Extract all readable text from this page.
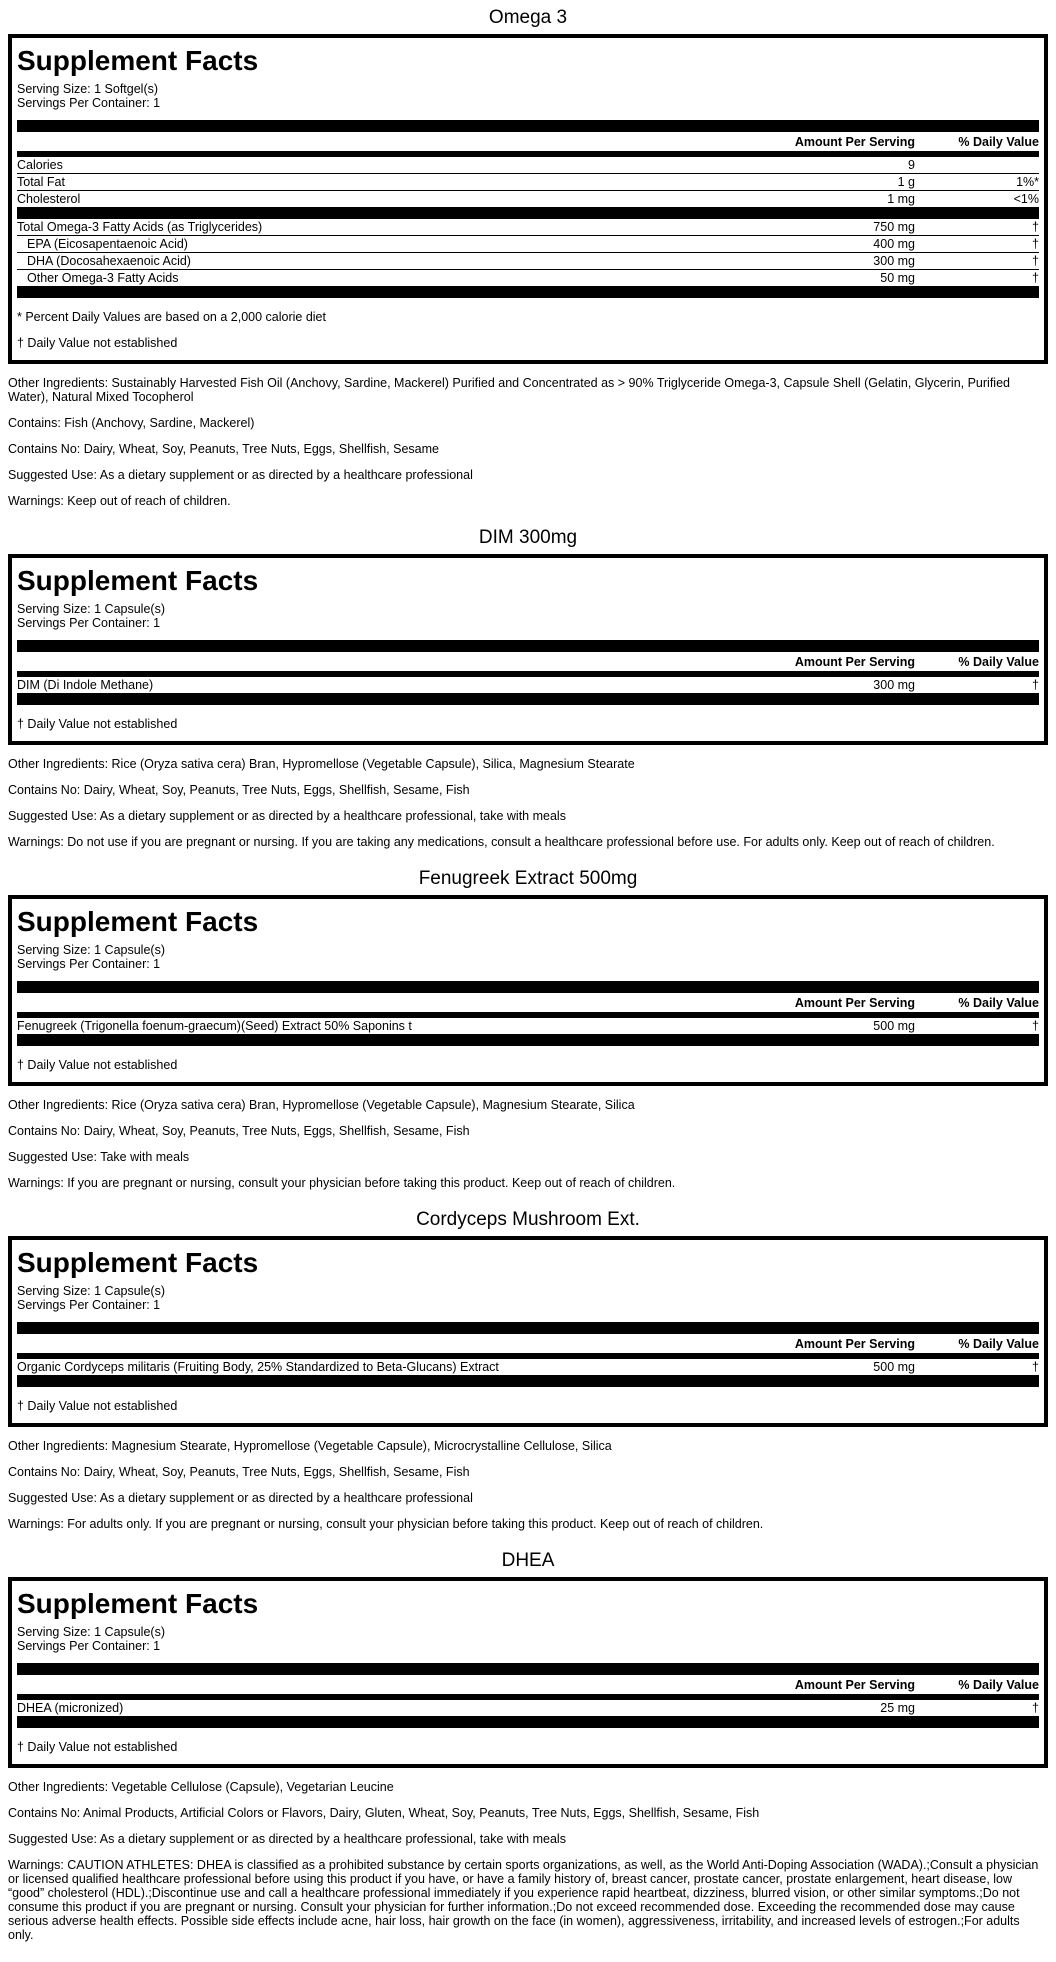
Omega 3
Supplement Facts
Serving Size: 1 Softgel(s)
Servings Per Container: 1
Amount Per Serving	% Daily Value
Calories	9
Total Fat	1 g	1%*
Cholesterol	1 mg	<1%
Total Omega-3 Fatty Acids (as Triglycerides)	750 mg	†
EPA (Eicosapentaenoic Acid)	400 mg	†
DHA (Docosahexaenoic Acid)	300 mg	†
Other Omega-3 Fatty Acids	50 mg	†
* Percent Daily Values are based on a 2,000 calorie diet
† Daily Value not established

Other Ingredients: Sustainably Harvested Fish Oil (Anchovy, Sardine, Mackerel) Purified and Concentrated as > 90% Triglyceride Omega-3, Capsule Shell (Gelatin, Glycerin, Purified Water), Natural Mixed Tocopherol

Contains: Fish (Anchovy, Sardine, Mackerel)

Contains No: Dairy, Wheat, Soy, Peanuts, Tree Nuts, Eggs, Shellfish, Sesame

Suggested Use: As a dietary supplement or as directed by a healthcare professional

Warnings: Keep out of reach of children.

DIM 300mg
Supplement Facts
Serving Size: 1 Capsule(s)
Servings Per Container: 1
Amount Per Serving	% Daily Value
DIM (Di Indole Methane)	300 mg	†
† Daily Value not established

Other Ingredients: Rice (Oryza sativa cera) Bran, Hypromellose (Vegetable Capsule), Silica, Magnesium Stearate

Contains No: Dairy, Wheat, Soy, Peanuts, Tree Nuts, Eggs, Shellfish, Sesame, Fish

Suggested Use: As a dietary supplement or as directed by a healthcare professional, take with meals

Warnings: Do not use if you are pregnant or nursing. If you are taking any medications, consult a healthcare professional before use. For adults only. Keep out of reach of children.

Fenugreek Extract 500mg
Supplement Facts
Serving Size: 1 Capsule(s)
Servings Per Container: 1
Amount Per Serving	% Daily Value
Fenugreek (Trigonella foenum-graecum)(Seed) Extract 50% Saponins t	500 mg	†
† Daily Value not established

Other Ingredients: Rice (Oryza sativa cera) Bran, Hypromellose (Vegetable Capsule), Magnesium Stearate, Silica

Contains No: Dairy, Wheat, Soy, Peanuts, Tree Nuts, Eggs, Shellfish, Sesame, Fish

Suggested Use: Take with meals

Warnings: If you are pregnant or nursing, consult your physician before taking this product. Keep out of reach of children.

Cordyceps Mushroom Ext.
Supplement Facts
Serving Size: 1 Capsule(s)
Servings Per Container: 1
Amount Per Serving	% Daily Value
Organic Cordyceps militaris (Fruiting Body, 25% Standardized to Beta-Glucans) Extract	500 mg	†
† Daily Value not established

Other Ingredients: Magnesium Stearate, Hypromellose (Vegetable Capsule), Microcrystalline Cellulose, Silica

Contains No: Dairy, Wheat, Soy, Peanuts, Tree Nuts, Eggs, Shellfish, Sesame, Fish

Suggested Use: As a dietary supplement or as directed by a healthcare professional

Warnings: For adults only. If you are pregnant or nursing, consult your physician before taking this product. Keep out of reach of children.

DHEA
Supplement Facts
Serving Size: 1 Capsule(s)
Servings Per Container: 1
Amount Per Serving	% Daily Value
DHEA (micronized)	25 mg	†
† Daily Value not established

Other Ingredients: Vegetable Cellulose (Capsule), Vegetarian Leucine

Contains No: Animal Products, Artificial Colors or Flavors, Dairy, Gluten, Wheat, Soy, Peanuts, Tree Nuts, Eggs, Shellfish, Sesame, Fish

Suggested Use: As a dietary supplement or as directed by a healthcare professional, take with meals

Warnings: CAUTION ATHLETES: DHEA is classified as a prohibited substance by certain sports organizations, as well, as the World Anti-Doping Association (WADA).;Consult a physician or licensed qualified healthcare professional before using this product if you have, or have a family history of, breast cancer, prostate cancer, prostate enlargement, heart disease, low “good” cholesterol (HDL).;Discontinue use and call a healthcare professional immediately if you experience rapid heartbeat, dizziness, blurred vision, or other similar symptoms.;Do not consume this product if you are pregnant or nursing. Consult your physician for further information.;Do not exceed recommended dose. Exceeding the recommended dose may cause serious adverse health effects. Possible side effects include acne, hair loss, hair growth on the face (in women), aggressiveness, irritability, and increased levels of estrogen.;For adults only.
